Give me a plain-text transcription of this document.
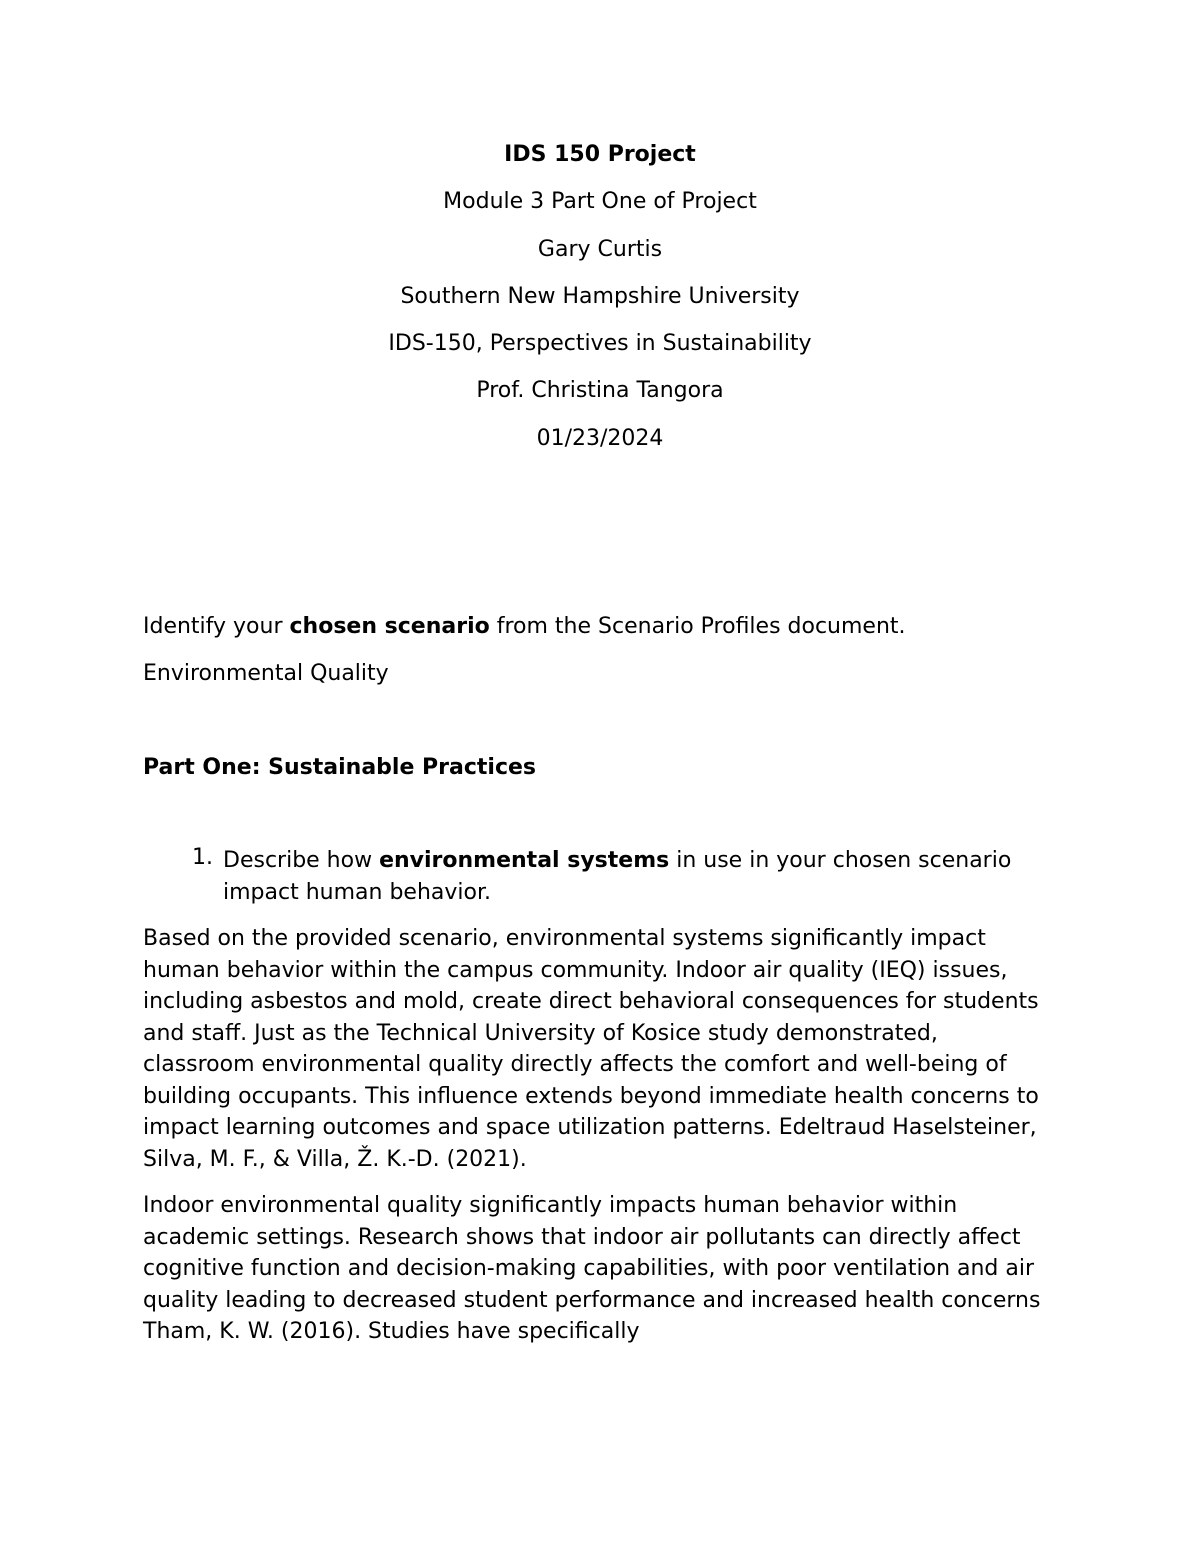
IDS 150 Project
Module 3 Part One of Project
Gary Curtis
Southern New Hampshire University
IDS-150, Perspectives in Sustainability
Prof. Christina Tangora
01/23/2024
Identify your chosen scenario from the Scenario Profiles document.
Environmental Quality
Part One: Sustainable Practices
1. Describe how environmental systems in use in your chosen scenario impact human behavior.

Based on the provided scenario, environmental systems significantly impact human behavior within the campus community. Indoor air quality (IEQ) issues, including asbestos and mold, create direct behavioral consequences for students and staff. Just as the Technical University of Kosice study demonstrated, classroom environmental quality directly affects the comfort and well-being of building occupants. This influence extends beyond immediate health concerns to impact learning outcomes and space utilization patterns. Edeltraud Haselsteiner, Silva, M. F., & Villa, Ž. K.-D. (2021).

Indoor environmental quality significantly impacts human behavior within academic settings. Research shows that indoor air pollutants can directly affect cognitive function and decision-making capabilities, with poor ventilation and air quality leading to decreased student performance and increased health concerns Tham, K. W. (2016). Studies have specifically
